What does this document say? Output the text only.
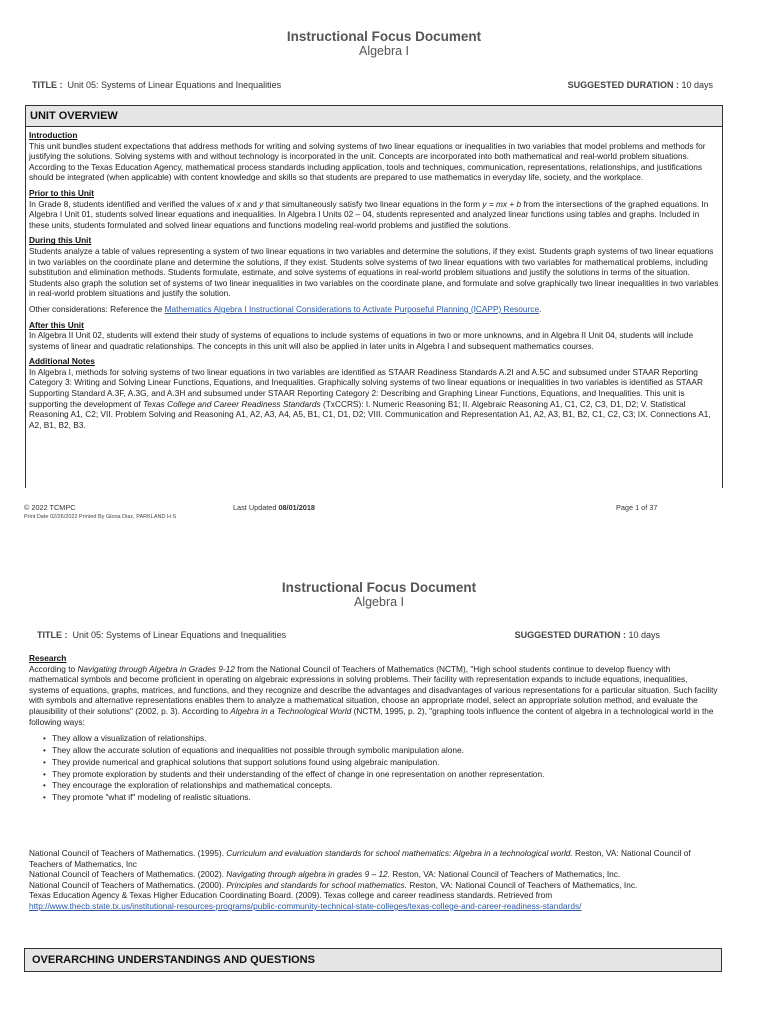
Instructional Focus Document
Algebra I
TITLE : Unit 05: Systems of Linear Equations and Inequalities	SUGGESTED DURATION : 10 days
UNIT OVERVIEW
Introduction

This unit bundles student expectations that address methods for writing and solving systems of two linear equations or inequalities in two variables that model problems and methods for justifying the solutions. Solving systems with and without technology is incorporated in the unit. Concepts are incorporated into both mathematical and real-world problem situations. According to the Texas Education Agency, mathematical process standards including application, tools and techniques, communication, representations, relationships, and justifications should be integrated (when applicable) with content knowledge and skills so that students are prepared to use mathematics in everyday life, society, and the workplace.

Prior to this Unit

In Grade 8, students identified and verified the values of x and y that simultaneously satisfy two linear equations in the form y = mx + b from the intersections of the graphed equations. In Algebra I Unit 01, students solved linear equations and inequalities. In Algebra I Units 02 – 04, students represented and analyzed linear functions using tables and graphs. Included in these units, students formulated and solved linear equations and functions modeling real-world problems and justified the solutions.

During this Unit

Students analyze a table of values representing a system of two linear equations in two variables and determine the solutions, if they exist. Students graph systems of two linear equations in two variables on the coordinate plane and determine the solutions, if they exist. Students solve systems of two linear equations with two variables for mathematical problems, including substitution and elimination methods. Students formulate, estimate, and solve systems of equations in real-world problem situations and justify the solutions in terms of the situation. Students also graph the solution set of systems of two linear inequalities in two variables on the coordinate plane, and formulate and solve graphically two linear inequalities in two variables in real-world problem situations and justify the solution.

Other considerations: Reference the Mathematics Algebra I Instructional Considerations to Activate Purposeful Planning (ICAPP) Resource.

After this Unit

In Algebra II Unit 02, students will extend their study of systems of equations to include systems of equations in two or more unknowns, and in Algebra II Unit 04, students will include systems of linear and quadratic relationships. The concepts in this unit will also be applied in later units in Algebra I and subsequent mathematics courses.

Additional Notes

In Algebra I, methods for solving systems of two linear equations in two variables are identified as STAAR Readiness Standards A.2I and A.5C and subsumed under STAAR Reporting Category 3: Writing and Solving Linear Functions, Equations, and Inequalities. Graphically solving systems of two linear equations or inequalities in two variables is identified as STAAR Supporting Standard A.3F, A.3G, and A.3H and subsumed under STAAR Reporting Category 2: Describing and Graphing Linear Functions, Equations, and Inequalities. This unit is supporting the development of Texas College and Career Readiness Standards (TxCCRS): I. Numeric Reasoning B1; II. Algebraic Reasoning A1, C1, C2, C3, D1, D2; V. Statistical Reasoning A1, C2; VII. Problem Solving and Reasoning A1, A2, A3, A4, A5, B1, C1, D1, D2; VIII. Communication and Representation A1, A2, A3, B1, B2, C1, C2, C3; IX. Connections A1, A2, B1, B2, B3.

© 2022 TCMPC	Last Updated 08/01/2018	Page 1 of 37
Print Date 02/26/2022 Printed By Gloria Diaz, PARKLAND H S
Instructional Focus Document
Algebra I
TITLE : Unit 05: Systems of Linear Equations and Inequalities	SUGGESTED DURATION : 10 days
Research

According to Navigating through Algebra in Grades 9-12 from the National Council of Teachers of Mathematics (NCTM), "High school students continue to develop fluency with mathematical symbols and become proficient in operating on algebraic expressions in solving problems. Their facility with representation expands to include equations, inequalities, systems of equations, graphs, matrices, and functions, and they recognize and describe the advantages and disadvantages of various representations for a particular situation. Such facility with symbols and alternative representations enables them to analyze a mathematical situation, choose an appropriate model, select an appropriate solution method, and evaluate the plausibility of their solutions" (2002, p. 3). According to Algebra in a Technological World (NCTM, 1995, p. 2), "graphing tools influence the content of algebra in a technological world in the following ways:

• They allow a visualization of relationships.
• They allow the accurate solution of equations and inequalities not possible through symbolic manipulation alone.
• They provide numerical and graphical solutions that support solutions found using algebraic manipulation.
• They promote exploration by students and their understanding of the effect of change in one representation on another representation.
• They encourage the exploration of relationships and mathematical concepts.
• They promote "what if" modeling of realistic situations.

National Council of Teachers of Mathematics. (1995). Curriculum and evaluation standards for school mathematics: Algebra in a technological world. Reston, VA: National Council of Teachers of Mathematics, Inc

National Council of Teachers of Mathematics. (2002). Navigating through algebra in grades 9 – 12. Reston, VA: National Council of Teachers of Mathematics, Inc.

National Council of Teachers of Mathematics. (2000). Principles and standards for school mathematics. Reston, VA: National Council of Teachers of Mathematics, Inc.

Texas Education Agency & Texas Higher Education Coordinating Board. (2009). Texas college and career readiness standards. Retrieved from

http://www.thecb.state.tx.us/institutional-resources-programs/public-community-technical-state-colleges/texas-college-and-career-readiness-standards/

OVERARCHING UNDERSTANDINGS AND QUESTIONS
